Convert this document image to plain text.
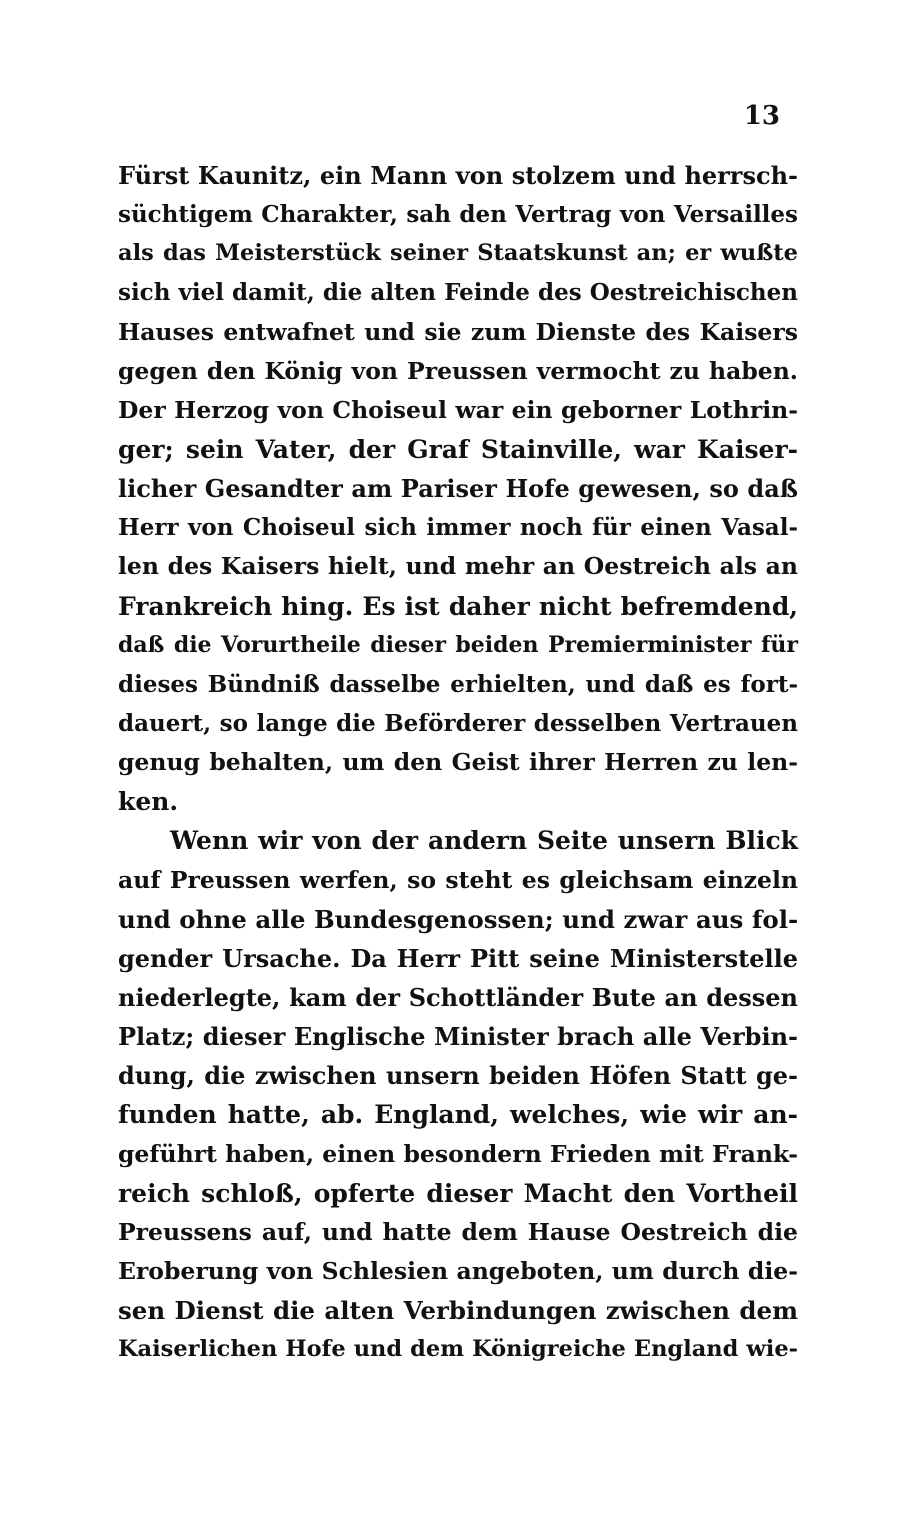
13
Fürst Kaunitz, ein Mann von stolzem und herrsch-
süchtigem Charakter, sah den Vertrag von Versailles
als das Meisterstück seiner Staatskunst an; er wußte
sich viel damit, die alten Feinde des Oestreichischen
Hauses entwafnet und sie zum Dienste des Kaisers
gegen den König von Preussen vermocht zu haben.
Der Herzog von Choiseul war ein geborner Lothrin-
ger; sein Vater, der Graf Stainville, war Kaiser-
licher Gesandter am Pariser Hofe gewesen, so daß
Herr von Choiseul sich immer noch für einen Vasal-
len des Kaisers hielt, und mehr an Oestreich als an
Frankreich hing. Es ist daher nicht befremdend,
daß die Vorurtheile dieser beiden Premierminister für
dieses Bündniß dasselbe erhielten, und daß es fort-
dauert, so lange die Beförderer desselben Vertrauen
genug behalten, um den Geist ihrer Herren zu len-
ken.
Wenn wir von der andern Seite unsern Blick
auf Preussen werfen, so steht es gleichsam einzeln
und ohne alle Bundesgenossen; und zwar aus fol-
gender Ursache. Da Herr Pitt seine Ministerstelle
niederlegte, kam der Schottländer Bute an dessen
Platz; dieser Englische Minister brach alle Verbin-
dung, die zwischen unsern beiden Höfen Statt ge-
funden hatte, ab. England, welches, wie wir an-
geführt haben, einen besondern Frieden mit Frank-
reich schloß, opferte dieser Macht den Vortheil
Preussens auf, und hatte dem Hause Oestreich die
Eroberung von Schlesien angeboten, um durch die-
sen Dienst die alten Verbindungen zwischen dem
Kaiserlichen Hofe und dem Königreiche England wie-
